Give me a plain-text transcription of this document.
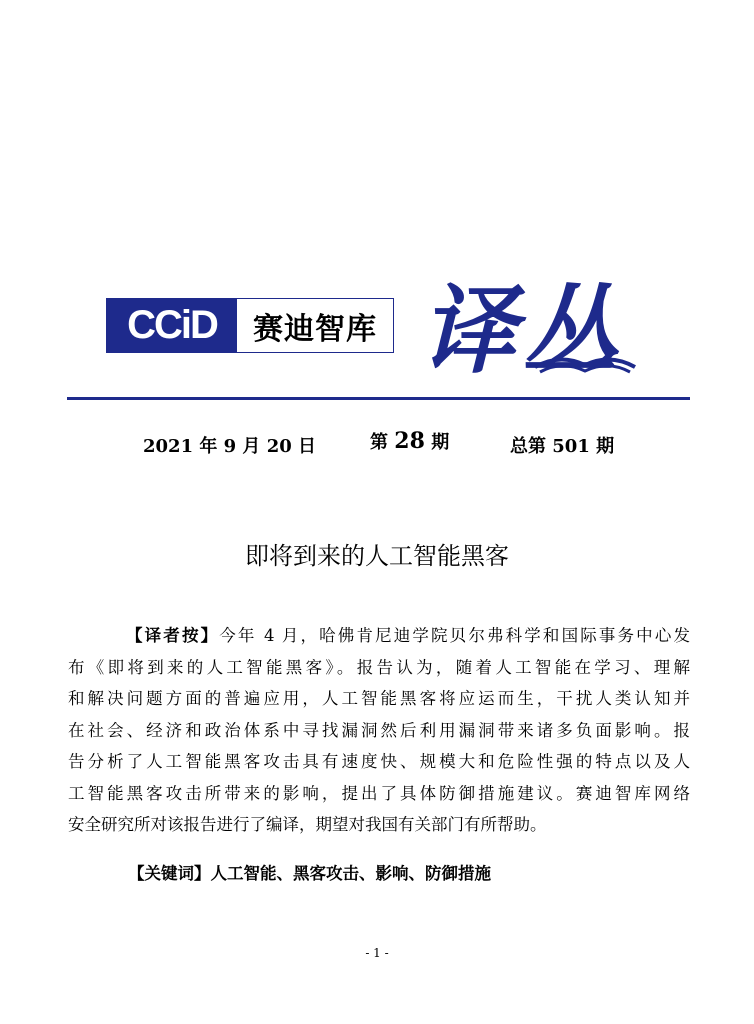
CCiD	赛迪智库 译丛
2021 年 9 月 20 日	第 28 期	总第 501 期
即将到来的人工智能黑客
【译者按】今年 4 月，哈佛肯尼迪学院贝尔弗科学和国际事务中心发
布《即将到来的人工智能黑客》。报告认为，随着人工智能在学习、理解
和解决问题方面的普遍应用，人工智能黑客将应运而生，干扰人类认知并
在社会、经济和政治体系中寻找漏洞然后利用漏洞带来诸多负面影响。报
告分析了人工智能黑客攻击具有速度快、规模大和危险性强的特点以及人
工智能黑客攻击所带来的影响，提出了具体防御措施建议。赛迪智库网络
安全研究所对该报告进行了编译，期望对我国有关部门有所帮助。
【关键词】人工智能、黑客攻击、影响、防御措施
- 1 -
